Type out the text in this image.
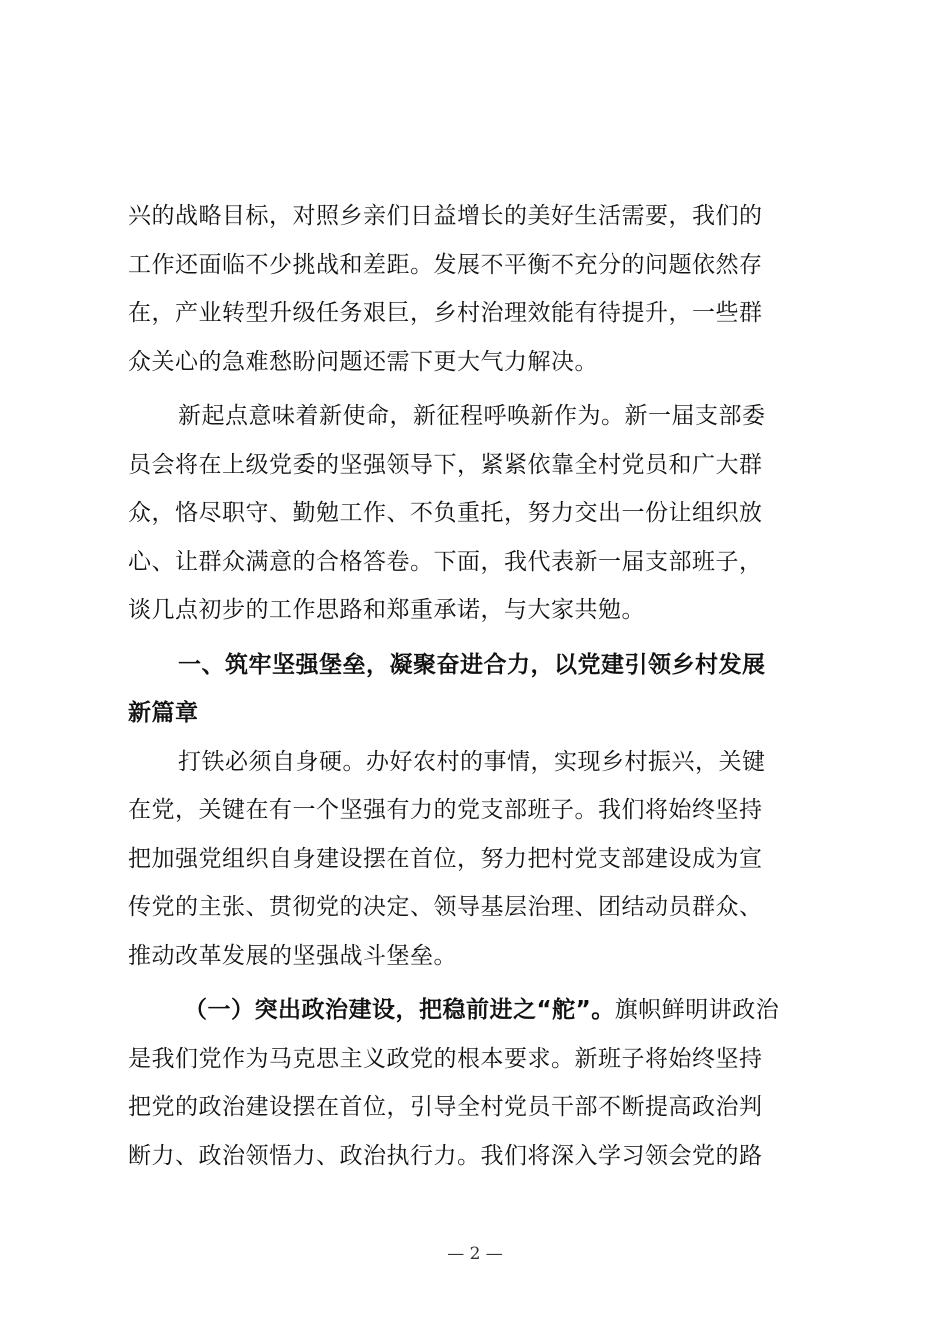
兴的战略目标，对照乡亲们日益增长的美好生活需要，我们的
工作还面临不少挑战和差距。发展不平衡不充分的问题依然存
在，产业转型升级任务艰巨，乡村治理效能有待提升，一些群
众关心的急难愁盼问题还需下更大气力解决。
新起点意味着新使命，新征程呼唤新作为。新一届支部委
员会将在上级党委的坚强领导下，紧紧依靠全村党员和广大群
众，恪尽职守、勤勉工作、不负重托，努力交出一份让组织放
心、让群众满意的合格答卷。下面，我代表新一届支部班子，
谈几点初步的工作思路和郑重承诺，与大家共勉。
一、筑牢坚强堡垒，凝聚奋进合力，以党建引领乡村发展
新篇章
打铁必须自身硬。办好农村的事情，实现乡村振兴，关键
在党，关键在有一个坚强有力的党支部班子。我们将始终坚持
把加强党组织自身建设摆在首位，努力把村党支部建设成为宣
传党的主张、贯彻党的决定、领导基层治理、团结动员群众、
推动改革发展的坚强战斗堡垒。
（一）突出政治建设，把稳前进之“舵”。旗帜鲜明讲政治
是我们党作为马克思主义政党的根本要求。新班子将始终坚持
把党的政治建设摆在首位，引导全村党员干部不断提高政治判
断力、政治领悟力、政治执行力。我们将深入学习领会党的路
— 2 —
